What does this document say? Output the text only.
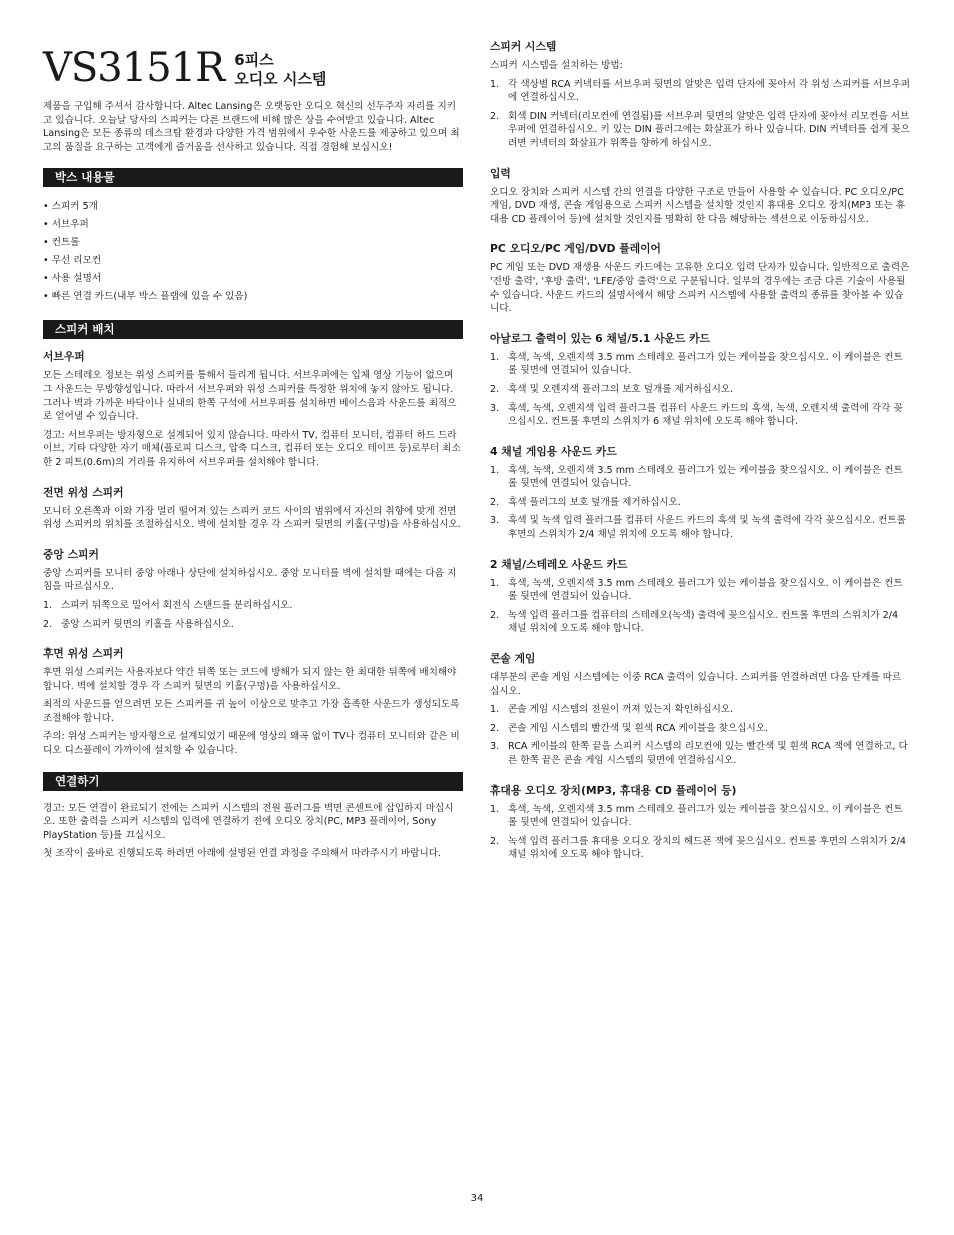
VS3151R 6피스
오디오 시스템

제품을 구입해 주셔서 감사합니다. Altec Lansing은 오랫동안 오디오 혁신의 선두주자 자리를 지키고 있습니다. 오늘날 당사의 스피커는 다른 브랜드에 비해 많은 상을 수여받고 있습니다. Altec Lansing은 모든 종류의 데스크탑 환경과 다양한 가격 범위에서 우수한 사운드를 제공하고 있으며 최고의 품질을 요구하는 고객에게 즐거움을 선사하고 있습니다. 직접 경험해 보십시오!

박스 내용물
• 스피커 5개
• 서브우퍼
• 컨트롤
• 무선 리모컨
• 사용 설명서
• 빠른 연결 카드(내부 박스 플랩에 있을 수 있음)
스피커 배치
서브우퍼

모든 스테레오 정보는 위성 스피커를 통해서 들리게 됩니다. 서브우퍼에는 입체 영상 기능이 없으며 그 사운드는 무방향성입니다. 따라서 서브우퍼와 위성 스피커를 특정한 위치에 놓지 않아도 됩니다. 그러나 벽과 가까운 바닥이나 실내의 한쪽 구석에 서브우퍼를 설치하면 베이스음과 사운드를 최적으로 얻어낼 수 있습니다.

경고: 서브우퍼는 방자형으로 설계되어 있지 않습니다. 따라서 TV, 컴퓨터 모니터, 컴퓨터 하드 드라이브, 기타 다양한 자기 매체(플로피 디스크, 압축 디스크, 컴퓨터 또는 오디오 테이프 등)로부터 최소한 2 피트(0.6m)의 거리를 유지하여 서브우퍼를 설치해야 합니다.

전면 위성 스피커

모니터 오른쪽과 이와 가장 멀리 떨어져 있는 스피커 코드 사이의 범위에서 자신의 취향에 맞게 전면 위성 스피커의 위치를 조절하십시오. 벽에 설치할 경우 각 스피커 뒷면의 키홀(구멍)을 사용하십시오.

중앙 스피커

중앙 스피커를 모니터 중앙 아래나 상단에 설치하십시오. 중앙 모니터를 벽에 설치할 때에는 다음 지침을 따르십시오.

1. 스피커 뒤쪽으로 밀어서 회전식 스탠드를 분리하십시오.
2. 중앙 스피커 뒷면의 키홀을 사용하십시오.
후면 위성 스피커

후면 위성 스피커는 사용자보다 약간 뒤쪽 또는 코드에 방해가 되지 않는 한 최대한 뒤쪽에 배치해야 합니다. 벽에 설치할 경우 각 스피커 뒷면의 키홀(구멍)을 사용하십시오.

최적의 사운드를 얻으려면 모든 스피커를 귀 높이 이상으로 맞추고 가장 흡족한 사운드가 생성되도록 조절해야 합니다.

주의: 위성 스피커는 방자형으로 설계되었기 때문에 영상의 왜곡 없이 TV나 컴퓨터 모니터와 같은 비디오 디스플레이 가까이에 설치할 수 있습니다.

연결하기

경고: 모든 연결이 완료되기 전에는 스피커 시스템의 전원 플러그를 벽면 콘센트에 삽입하지 마십시오. 또한 출력을 스피커 시스템의 입력에 연결하기 전에 오디오 장치(PC, MP3 플레이어, Sony PlayStation 등)를 끄십시오.

첫 조작이 올바로 진행되도록 하려면 아래에 설명된 연결 과정을 주의해서 따라주시기 바랍니다.

스피커 시스템

스피커 시스템을 설치하는 방법:

1. 각 색상별 RCA 커넥터를 서브우퍼 뒷면의 알맞은 입력 단자에 꽂아서 각 위성 스피커를 서브우퍼에 연결하십시오.
2. 회색 DIN 커넥터(리모컨에 연결됨)를 서브우퍼 뒷면의 알맞은 입력 단자에 꽂아서 리모컨을 서브우퍼에 연결하십시오. 키 있는 DIN 플러그에는 화살표가 하나 있습니다. DIN 커넥터를 쉽게 꽂으려면 커넥터의 화살표가 위쪽을 향하게 하십시오.
입력

오디오 장치와 스피커 시스템 간의 연결을 다양한 구조로 만들어 사용할 수 있습니다. PC 오디오/PC 게임, DVD 재생, 콘솔 게임용으로 스피커 시스템을 설치할 것인지 휴대용 오디오 장치(MP3 또는 휴대용 CD 플레이어 등)에 설치할 것인지를 명확히 한 다음 해당하는 섹션으로 이동하십시오.

PC 오디오/PC 게임/DVD 플레이어

PC 게임 또는 DVD 재생용 사운드 카드에는 고유한 오디오 입력 단자가 있습니다. 일반적으로 출력은 '전방 출력', '후방 출력', 'LFE/중앙 출력'으로 구분됩니다. 일부의 경우에는 조금 다른 기술이 사용될 수 있습니다. 사운드 카드의 설명서에서 해당 스피커 시스템에 사용할 출력의 종류를 찾아볼 수 있습니다.

아날로그 출력이 있는 6 채널/5.1 사운드 카드
1. 흑색, 녹색, 오렌지색 3.5 mm 스테레오 플러그가 있는 케이블을 찾으십시오. 이 케이블은 컨트롤 뒷면에 연결되어 있습니다.
2. 흑색 및 오렌지색 플러그의 보호 덮개를 제거하십시오.
3. 흑색, 녹색, 오렌지색 입력 플러그를 컴퓨터 사운드 카드의 흑색, 녹색, 오렌지색 출력에 각각 꽂으십시오. 컨트롤 후면의 스위치가 6 채널 위치에 오도록 해야 합니다.
4 채널 게임용 사운드 카드
1. 흑색, 녹색, 오렌지색 3.5 mm 스테레오 플러그가 있는 케이블을 찾으십시오. 이 케이블은 컨트롤 뒷면에 연결되어 있습니다.
2. 흑색 플러그의 보호 덮개를 제거하십시오.
3. 흑색 및 녹색 입력 플러그를 컴퓨터 사운드 카드의 흑색 및 녹색 출력에 각각 꽂으십시오. 컨트롤 후면의 스위치가 2/4 채널 위치에 오도록 해야 합니다.
2 채널/스테레오 사운드 카드
1. 흑색, 녹색, 오렌지색 3.5 mm 스테레오 플러그가 있는 케이블을 찾으십시오. 이 케이블은 컨트롤 뒷면에 연결되어 있습니다.
2. 녹색 입력 플러그를 컴퓨터의 스테레오(녹색) 출력에 꽂으십시오. 컨트롤 후면의 스위치가 2/4 채널 위치에 오도록 해야 합니다.
콘솔 게임

대부분의 콘솔 게임 시스템에는 이중 RCA 출력이 있습니다. 스피커를 연결하려면 다음 단계를 따르십시오.

1. 콘솔 게임 시스템의 전원이 꺼져 있는지 확인하십시오.
2. 콘솔 게임 시스템의 빨간색 및 흰색 RCA 케이블을 찾으십시오.
3. RCA 케이블의 한쪽 끝을 스피커 시스템의 리모컨에 있는 빨간색 및 흰색 RCA 잭에 연결하고, 다른 한쪽 끝은 콘솔 게임 시스템의 뒷면에 연결하십시오.
휴대용 오디오 장치(MP3, 휴대용 CD 플레이어 등)
1. 흑색, 녹색, 오렌지색 3.5 mm 스테레오 플러그가 있는 케이블을 찾으십시오. 이 케이블은 컨트롤 뒷면에 연결되어 있습니다.
2. 녹색 입력 플러그를 휴대용 오디오 장치의 헤드폰 잭에 꽂으십시오. 컨트롤 후면의 스위치가 2/4 채널 위치에 오도록 해야 합니다.
34
